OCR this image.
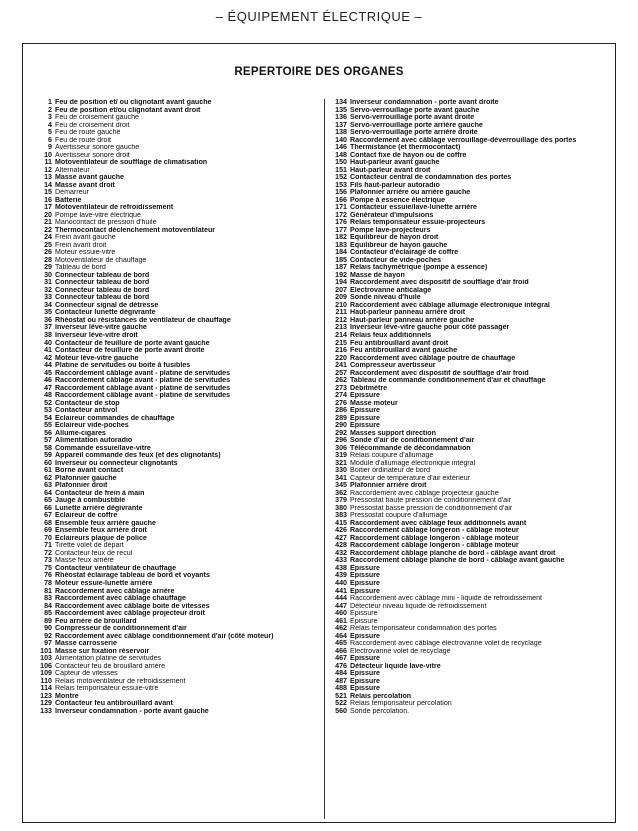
– ÉQUIPEMENT ÉLECTRIQUE –
REPERTOIRE DES ORGANES
1 Feu de position et/ ou clignotant avant gauche
2 Feu de position et/ou clignotant avant droit
3 Feu de croisement gauche
4 Feu de croisement droit
5 Feu de route gauche
6 Feu de route droit
9 Avertisseur sonore gauche
10 Avertisseur sonore droit
11 Motoventilateur de soufflage de climatisation
12 Alternateur
13 Masse avant gauche
14 Masse avant droit
15 Démarreur
16 Batterie
17 Motoventilateur de refroidissement
20 Pompe lave-vitre électrique
21 Manocontact de pression d'huile
22 Thermocontact déclenchement motoventilateur
24 Frein avant gauche
25 Frein avant droit
26 Moteur essuie-vitre
28 Motoventilateur de chauffage
29 Tableau de bord
30 Connecteur tableau de bord
31 Connecteur tableau de bord
32 Connecteur tableau de bord
33 Connecteur tableau de bord
34 Connecteur signal de détresse
35 Contacteur lunette dégivrante
36 Rhéostat ou résistances de ventilateur de chauffage
37 Inverseur lève-vitre gauche
38 Inverseur lève-vitre droit
40 Contacteur de feuillure de porte avant gauche
41 Contacteur de feuillure de porte avant droite
42 Moteur lève-vitre gauche
44 Platine de servitudes ou boite à fusibles
45 Raccordement câblage avant - platine de servitudes
46 Raccordement câblage avant - platine de servitudes
47 Raccordement câblage avant - platine de servitudes
48 Raccordement câblage avant - platine de servitudes
52 Contacteur de stop
53 Contacteur antivol
54 Eclaireur commandes de chauffage
55 Eclaireur vide-poches
56 Allume-cigares
57 Alimentation autoradio
58 Commande essuie/lave-vitre
59 Appareil commande des feux (et des clignotants)
60 Inverseur ou connecteur clignotants
61 Borne avant contact
62 Plafonnier gauche
63 Plafonnier droit
64 Contacteur de frein à main
65 Jauge à combustible
66 Lunette arrière dégivrante
67 Eclaireur de coffre
68 Ensemble feux arrière gauche
69 Ensemble feux arrière droit
70 Eclaireurs plaque de police
71 Tirette volet de départ
72 Contacteur feux de recul
73 Masse feux arrière
75 Contacteur ventilateur de chauffage
76 Rhéostat éclairage tableau de bord et voyants
78 Moteur essuie-lunette arrière
81 Raccordement avec câblage arrière
83 Raccordement avec câblage chauffage
84 Raccordement avec câblage boite de vitesses
85 Raccordement avec câblage projecteur droit
89 Feu arrière de brouillard
90 Compresseur de conditionnement d'air
92 Raccordement avec câblage conditionnement d'air (côté moteur)
97 Masse carrosserie
101 Masse sur fixation réservoir
103 Alimentation platine de servitudes
106 Contacteur feu de brouillard arrière
109 Capteur de vitesses
110 Relais motoventilateur de refroidissement
114 Relais temporisateur essuie-vitre
123 Montre
129 Contacteur feu antibrouillard avant
133 Inverseur condamnation - porte avant gauche
134 Inverseur condamnation - porte avant droite
135 Servo-verrouillage porte avant gauche
136 Servo-verrouillage porte avant droite
137 Servo-verrouillage porte arrière gauche
138 Servo-verrouillage porte arrière droite
140 Raccordement avec câblage verrouillage-déverrouillage des portes
146 Thermistance (et thermocontact)
148 Contact fixe de hayon ou de coffre
150 Haut-parleur avant gauche
151 Haut-parleur avant droit
152 Contacteur central de condamnation des portes
153 Fils haut-parleur autoradio
156 Plafonnier arrière ou arrière gauche
166 Pompe à essence électrique
171 Contacteur essuie/lave-lunette arrière
172 Générateur d'impulsions
176 Relais temporisateur essuie-projecteurs
177 Pompe lave-projecteurs
182 Equilibreur de hayon droit
183 Equilibreur de hayon gauche
184 Contacteur d'éclairage de coffre
185 Contacteur de vide-poches
187 Relais tachymétrique (pompe à essence)
192 Masse de hayon
194 Raccordement avec dispositif de soufflage d'air froid
207 Electrovanne anticalage
209 Sonde niveau d'huile
210 Raccordement avec câblage allumage électronique intégral
211 Haut-parleur panneau arrière droit
212 Haut-parleur panneau arrière gauche
213 Inverseur lève-vitre gauche pour côté passager
214 Relais feux additionnels
215 Feu antibrouillard avant droit
216 Feu antibrouillard avant gauche
220 Raccordement avec câblage poutre de chauffage
241 Compresseur avertisseur
257 Raccordement avec dispositif de soufflage d'air froid
262 Tableau de commande conditionnement d'air et chauffage
273 Débitmètre
274 Epissure
276 Masse moteur
286 Epissure
289 Epissure
290 Epissure
292 Masses support direction
296 Sonde d'air de conditionnement d'air
306 Télécommande de décondamnation
319 Relais coupure d'allumage
321 Module d'allumage électronique intégral
330 Boitier ordinateur de bord
341 Capteur de température d'air extérieur
345 Plafonnier arrière droit
362 Raccordement avec câblage projecteur gauche
379 Pressostat haute pression de conditionnement d'air
380 Pressostat basse pression de conditionnement d'air
383 Pressostat coupure d'allumage
415 Raccordement avec câblage feux additionnels avant
426 Raccordement câblage longeron - câblage moteur
427 Raccordement câblage longeron - câblage moteur
428 Raccordement câblage longeron - câblage moteur
432 Raccordement câblage planche de bord - câblage avant droit
433 Raccordement câblage planche de bord - câblage avant gauche
438 Epissure
439 Epissure
440 Epissure
441 Epissure
444 Raccordement avec câblage mini - liquide de refroidissement
447 Détecteur niveau liquide de refroidissement
460 Epissure
461 Epissure
462 Relais temporisateur condamnation des portes
464 Epissure
465 Raccordement avec câblage électrovanne volet de recyclage
466 Electrovanne volet de recyclage
467 Epissure
476 Détecteur liquide lave-vitre
484 Epissure
487 Epissure
488 Epissure
521 Relais percolation
522 Relais temporisateur percolation
560 Sonde percolation.
